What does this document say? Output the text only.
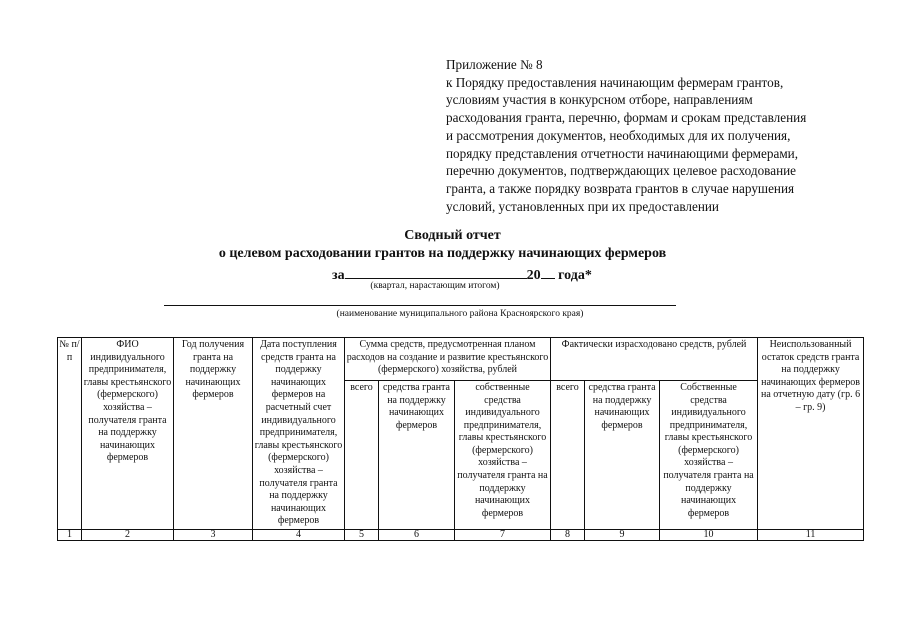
Приложение № 8

к Порядку предоставления начинающим фермерам грантов,

условиям участия в конкурсном отборе, направлениям

расходования гранта, перечню, формам и срокам представления

и рассмотрения документов, необходимых для их получения,

порядку представления отчетности начинающими фермерами,

перечню документов, подтверждающих целевое расходование

гранта, а также порядку возврата грантов в случае нарушения

условий, установленных при их предоставлении

Сводный отчет
о целевом расходовании грантов на поддержку начинающих фермеров
за	20 года*
(квартал, нарастающим итогом)
(наименование муниципального района Красноярского края)
№ п/п	ФИО индивидуального предпринимателя, главы крестьянского (фермерского) хозяйства – получателя гранта на поддержку начинающих фермеров	Год получения гранта на поддержку начинающих фермеров	Дата поступления средств гранта на поддержку начинающих фермеров на расчетный счет индивидуального предпринимателя, главы крестьянского (фермерского) хозяйства – получателя гранта на поддержку начинающих фермеров	Сумма средств, предусмотренная планом расходов на создание и развитие крестьянского (фермерского) хозяйства, рублей			Фактически израсходовано средств, рублей			Неиспользованный остаток средств гранта на поддержку начинающих фермеров на отчетную дату (гр. 6 – гр. 9)
				всего	средства гранта на поддержку начинающих фермеров	собственные средства индивидуального предпринимателя, главы крестьянского (фермерского) хозяйства – получателя гранта на поддержку начинающих фермеров	всего	средства гранта на поддержку начинающих фермеров	Собственные средства индивидуального предпринимателя, главы крестьянского (фермерского) хозяйства – получателя гранта на поддержку начинающих фермеров	
1	2	3	4	5	6	7	8	9	10	11
